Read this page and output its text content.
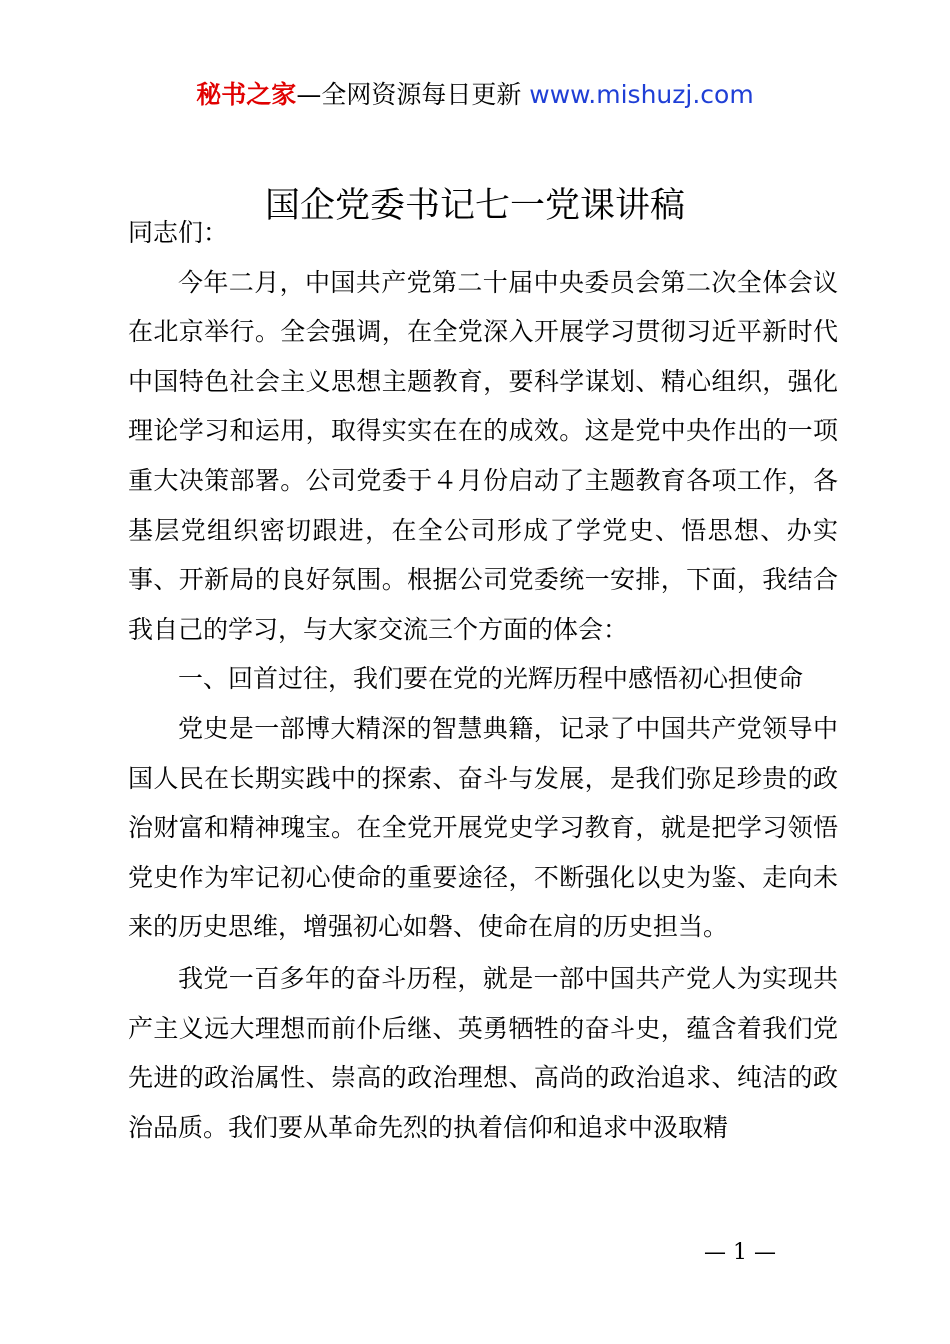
秘书之家—全网资源每日更新 www.mishuzj.com
国企党委书记七一党课讲稿

同志们：

今年二月，中国共产党第二十届中央委员会第二次全体会议在北京举行。全会强调，在全党深入开展学习贯彻习近平新时代中国特色社会主义思想主题教育，要科学谋划、精心组织，强化理论学习和运用，取得实实在在的成效。这是党中央作出的一项重大决策部署。公司党委于４月份启动了主题教育各项工作，各基层党组织密切跟进，在全公司形成了学党史、悟思想、办实事、开新局的良好氛围。根据公司党委统一安排，下面，我结合我自己的学习，与大家交流三个方面的体会：

一、回首过往，我们要在党的光辉历程中感悟初心担使命

党史是一部博大精深的智慧典籍，记录了中国共产党领导中国人民在长期实践中的探索、奋斗与发展，是我们弥足珍贵的政治财富和精神瑰宝。在全党开展党史学习教育，就是把学习领悟党史作为牢记初心使命的重要途径，不断强化以史为鉴、走向未来的历史思维，增强初心如磐、使命在肩的历史担当。

我党一百多年的奋斗历程，就是一部中国共产党人为实现共产主义远大理想而前仆后继、英勇牺牲的奋斗史，蕴含着我们党先进的政治属性、崇高的政治理想、高尚的政治追求、纯洁的政治品质。我们要从革命先烈的执着信仰和追求中汲取精

— 1 —
